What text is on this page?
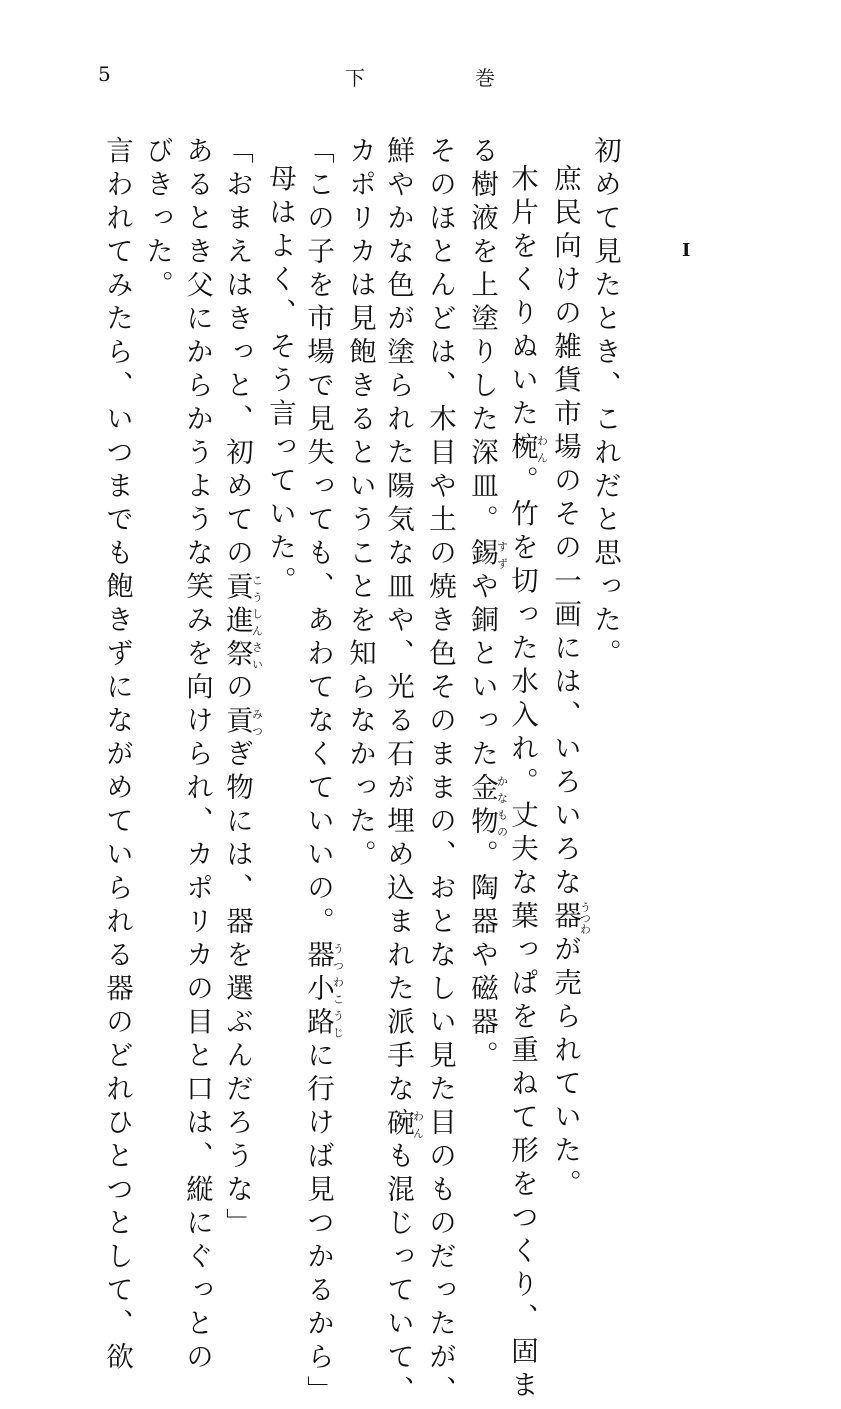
5	下	巻
I
初めて見たとき、これだと思った。
庶民向けの雑貨市場のその一画には、いろいろな器うつわが売られていた。
木片をくりぬいた椀わん。竹を切った水入れ。丈夫な葉っぱを重ねて形をつくり、固ま
る樹液を上塗りした深皿。錫すずや銅といった金物かなもの。陶器や磁器。
そのほとんどは、木目や土の焼き色そのままの、おとなしい見た目のものだったが、
鮮やかな色が塗られた陽気な皿や、光る石が埋め込まれた派手な碗わんも混じっていて、
カポリカは見飽きるということを知らなかった。
「この子を市場で見失っても、あわてなくていいの。器小路うつわこうじに行けば見つかるから」
母はよく、そう言っていた。
「おまえはきっと、初めての貢進祭こうしんさいの貢みつぎ物には、器を選ぶんだろうな」
あるとき父にからかうような笑みを向けられ、カポリカの目と口は、縦にぐっとの
びきった。
言われてみたら、いつまでも飽きずにながめていられる器のどれひとつとして、欲
